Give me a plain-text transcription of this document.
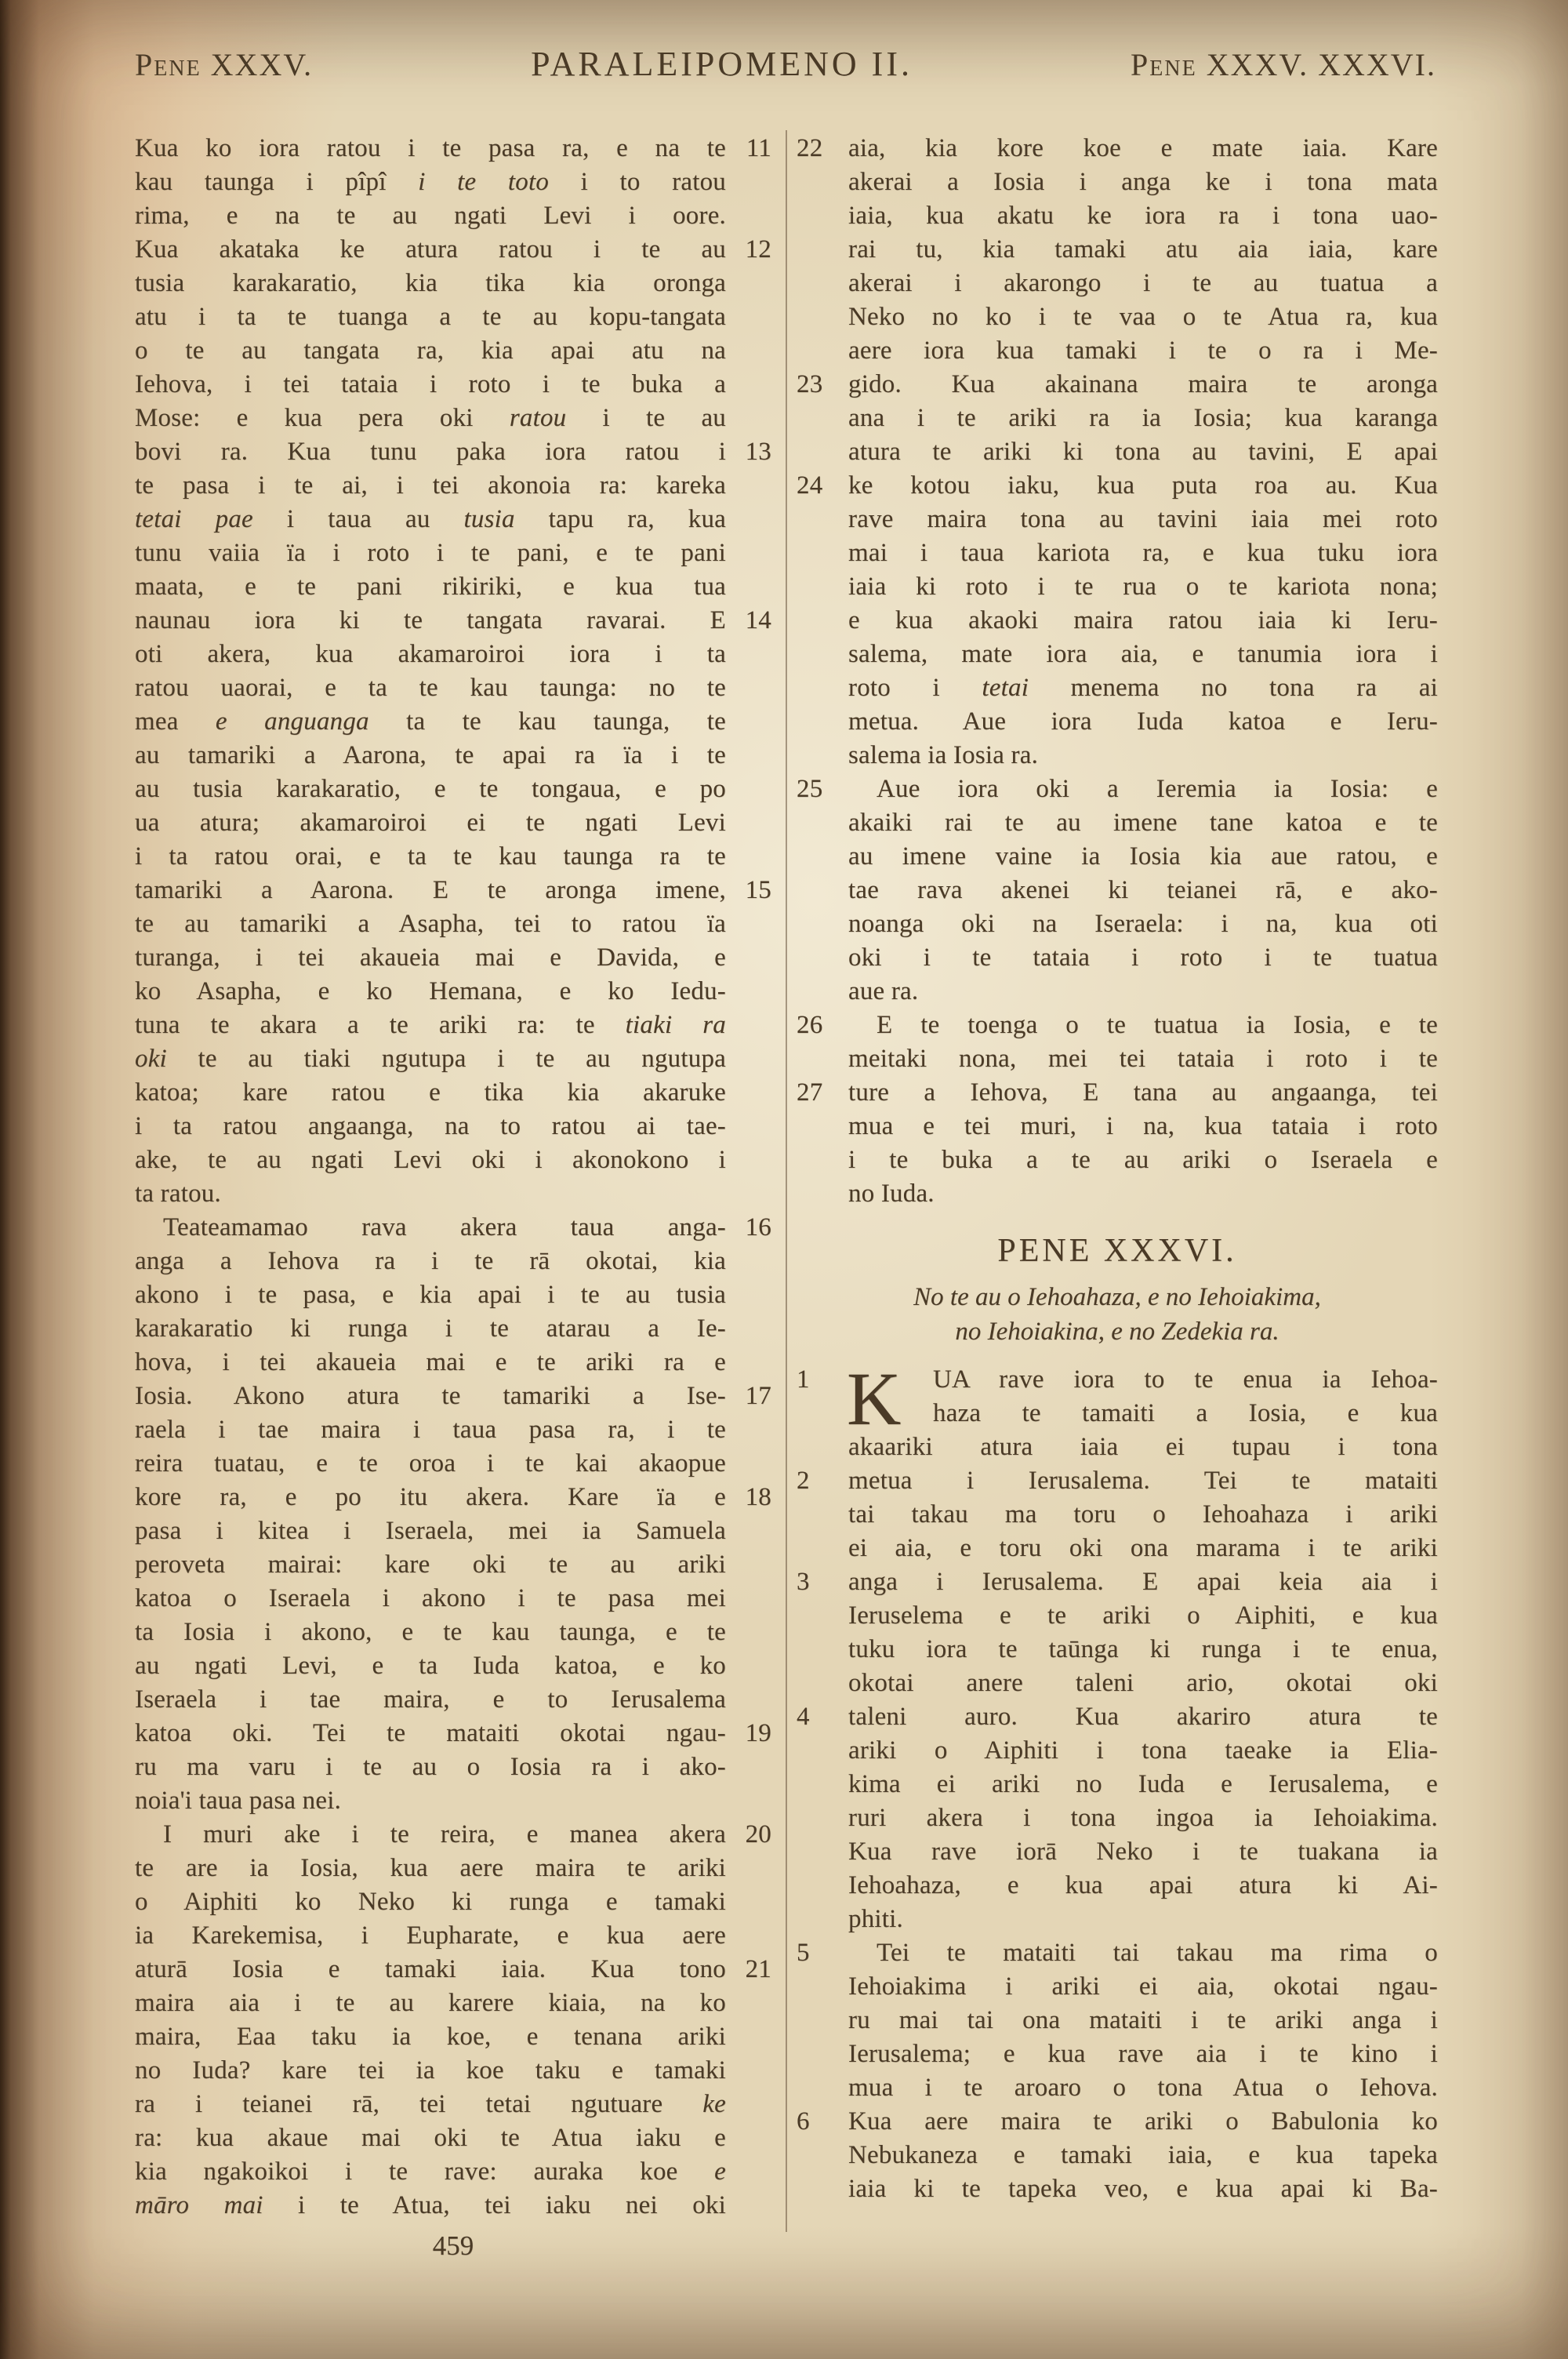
Pene XXXV.	PARALEIPOMENO II.	Pene XXXV. XXXVI.
11
Kua ko iora ratou i te pasa ra, e na te
kau taunga i pîpî i te toto i to ratou
rima, e na te au ngati Levi i oore.
12
Kua akataka ke atura ratou i te au
tusia karakaratio, kia tika kia oronga
atu i ta te tuanga a te au kopu-tangata
o te au tangata ra, kia apai atu na
Iehova, i tei tataia i roto i te buka a
Mose: e kua pera oki ratou i te au
13
bovi ra. Kua tunu paka iora ratou i
te pasa i te ai, i tei akonoia ra: kareka
tetai pae i taua au tusia tapu ra, kua
tunu vaiia ïa i roto i te pani, e te pani
maata, e te pani rikiriki, e kua tua
14
naunau iora ki te tangata ravarai. E
oti akera, kua akamaroiroi iora i ta
ratou uaorai, e ta te kau taunga: no te
mea e anguanga ta te kau taunga, te
au tamariki a Aarona, te apai ra ïa i te
au tusia karakaratio, e te tongaua, e po
ua atura; akamaroiroi ei te ngati Levi
i ta ratou orai, e ta te kau taunga ra te
15
tamariki a Aarona. E te aronga imene,
te au tamariki a Asapha, tei to ratou ïa
turanga, i tei akaueia mai e Davida, e
ko Asapha, e ko Hemana, e ko Iedu-
tuna te akara a te ariki ra: te tiaki ra
oki te au tiaki ngutupa i te au ngutupa
katoa; kare ratou e tika kia akaruke
i ta ratou angaanga, na to ratou ai tae-
ake, te au ngati Levi oki i akonokono i
ta ratou.
16
Teateamamao rava akera taua anga-
anga a Iehova ra i te rā okotai, kia
akono i te pasa, e kia apai i te au tusia
karakaratio ki runga i te atarau a Ie-
hova, i tei akaueia mai e te ariki ra e
17
Iosia. Akono atura te tamariki a Ise-
raela i tae maira i taua pasa ra, i te
reira tuatau, e te oroa i te kai akaopue
18
kore ra, e po itu akera. Kare ïa e
pasa i kitea i Iseraela, mei ia Samuela
peroveta mairai: kare oki te au ariki
katoa o Iseraela i akono i te pasa mei
ta Iosia i akono, e te kau taunga, e te
au ngati Levi, e ta Iuda katoa, e ko
Iseraela i tae maira, e to Ierusalema
19
katoa oki. Tei te mataiti okotai ngau-
ru ma varu i te au o Iosia ra i ako-
noia'i taua pasa nei.
20
I muri ake i te reira, e manea akera
te are ia Iosia, kua aere maira te ariki
o Aiphiti ko Neko ki runga e tamaki
ia Karekemisa, i Eupharate, e kua aere
21
aturā Iosia e tamaki iaia. Kua tono
maira aia i te au karere kiaia, na ko
maira, Eaa taku ia koe, e tenana ariki
no Iuda? kare tei ia koe taku e tamaki
ra i teianei rā, tei tetai ngutuare ke
ra: kua akaue mai oki te Atua iaku e
kia ngakoikoi i te rave: auraka koe e
māro mai i te Atua, tei iaku nei oki
22 aia, kia kore koe e mate iaia. Kare
akerai a Iosia i anga ke i tona mata
iaia, kua akatu ke iora ra i tona uao-
rai tu, kia tamaki atu aia iaia, kare
akerai i akarongo i te au tuatua a
Neko no ko i te vaa o te Atua ra, kua
aere iora kua tamaki i te o ra i Me-
23 gido. Kua akainana maira te aronga
ana i te ariki ra ia Iosia; kua karanga
atura te ariki ki tona au tavini, E apai
24 ke kotou iaku, kua puta roa au. Kua
rave maira tona au tavini iaia mei roto
mai i taua kariota ra, e kua tuku iora
iaia ki roto i te rua o te kariota nona;
e kua akaoki maira ratou iaia ki Ieru-
salema, mate iora aia, e tanumia iora i
roto i tetai menema no tona ra ai
metua. Aue iora Iuda katoa e Ieru-
salema ia Iosia ra.
25	Aue iora oki a Ieremia ia Iosia: e
akaiki rai te au imene tane katoa e te
au imene vaine ia Iosia kia aue ratou, e
tae rava akenei ki teianei rā, e ako-
noanga oki na Iseraela: i na, kua oti
oki i te tataia i roto i te tuatua
aue ra.
26	E te toenga o te tuatua ia Iosia, e te
meitaki nona, mei tei tataia i roto i te
27 ture a Iehova, E tana au angaanga, tei
mua e tei muri, i na, kua tataia i roto
i te buka a te au ariki o Iseraela e
no Iuda.
PENE XXXVI.
No te au o Iehoahaza, e no Iehoiakima,
no Iehoiakina, e no Zedekia ra.
1 K	UA rave iora to te enua ia Iehoa-
haza te tamaiti a Iosia, e kua
akaariki atura iaia ei tupau i tona
2 metua i Ierusalema. Tei te mataiti
tai takau ma toru o Iehoahaza i ariki
ei aia, e toru oki ona marama i te ariki
3 anga i Ierusalema. E apai keia aia i
Ieruselema e te ariki o Aiphiti, e kua
tuku iora te taūnga ki runga i te enua,
okotai anere taleni ario, okotai oki
4 taleni auro. Kua akariro atura te
ariki o Aiphiti i tona taeake ia Elia-
kima ei ariki no Iuda e Ierusalema, e
ruri akera i tona ingoa ia Iehoiakima.
Kua rave iorā Neko i te tuakana ia
Iehoahaza, e kua apai atura ki Ai-
phiti.
5	Tei te mataiti tai takau ma rima o
Iehoiakima i ariki ei aia, okotai ngau-
ru mai tai ona mataiti i te ariki anga i
Ierusalema; e kua rave aia i te kino i
mua i te aroaro o tona Atua o Iehova.
6 Kua aere maira te ariki o Babulonia ko
Nebukaneza e tamaki iaia, e kua tapeka
iaia ki te tapeka veo, e kua apai ki Ba-
459
